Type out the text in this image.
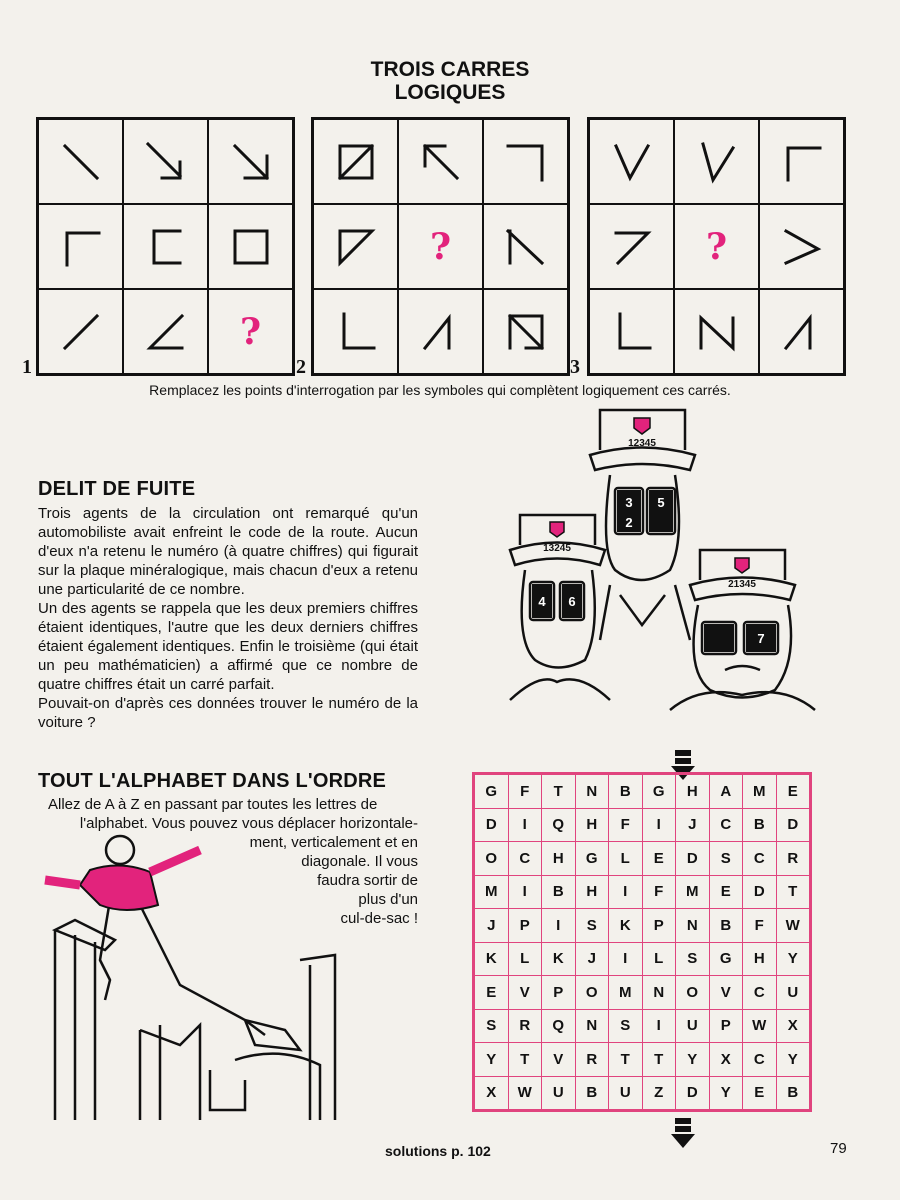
TROIS CARRES
LOGIQUES
?
?	?
1	2	3
Remplacez les points d'interrogation par les symboles qui complètent logiquement ces carrés.
DELIT DE FUITE

Trois agents de la circulation ont remarqué qu'un automobiliste avait enfreint le code de la route. Aucun d'eux n'a retenu le numéro (à quatre chiffres) qui figurait sur la plaque minéralogique, mais chacun d'eux a retenu une particularité de ce nombre.

Un des agents se rappela que les deux premiers chiffres étaient identiques, l'autre que les deux derniers chiffres étaient également identiques. Enfin le troisième (qui était un peu mathématicien) a affirmé que ce nombre de quatre chiffres était un carré parfait.

Pouvait-on d'après ces données trouver le numéro de la voiture ?

12345
13245
21345
3 5
2
4 6
7
TOUT L'ALPHABET DANS L'ORDRE
Allez de A à Z en passant par toutes les lettres de
l'alphabet. Vous pouvez vous déplacer horizontale-
ment, verticalement et en
diagonale. Il vous
faudra sortir de
plus d'un
cul-de-sac !
G	F	T	N	B	G	H	A	M	E
D	I	Q	H	F	I	J	C	B	D
O	C	H	G	L	E	D	S	C	R
M	I	B	H	I	F	M	E	D	T
J	P	I	S	K	P	N	B	F	W
K	L	K	J	I	L	S	G	H	Y
E	V	P	O	M	N	O	V	C	U
S	R	Q	N	S	I	U	P	W	X
Y	T	V	R	T	T	Y	X	C	Y
X	W	U	B	U	Z	D	Y	E	B
solutions p. 102	79
